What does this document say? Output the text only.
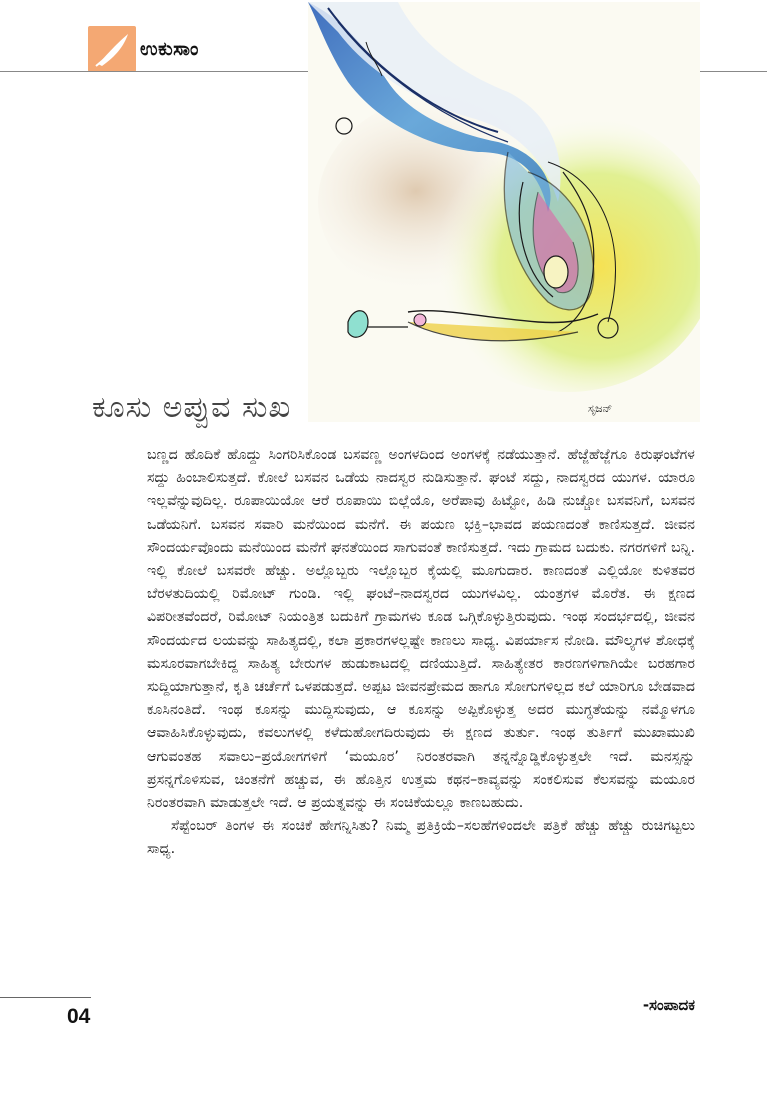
ಉಕುಸಾಂ
ಸೃಜನ್
ಕೂಸು ಅಪ್ಪುವ ಸುಖ

ಬಣ್ಣದ ಹೊದಿಕೆ ಹೊದ್ದು ಸಿಂಗರಿಸಿಕೊಂಡ ಬಸವಣ್ಣ ಅಂಗಳದಿಂದ ಅಂಗಳಕ್ಕೆ ನಡೆಯುತ್ತಾನೆ. ಹೆಜ್ಜೆಹೆಜ್ಜೆಗೂ ಕಿರುಘಂಟೆಗಳ ಸದ್ದು ಹಿಂಬಾಲಿಸುತ್ತದೆ. ಕೋಲೆ ಬಸವನ ಒಡೆಯ ನಾದಸ್ವರ ನುಡಿಸುತ್ತಾನೆ. ಘಂಟೆ ಸದ್ದು, ನಾದಸ್ವರದ ಯುಗಳ. ಯಾರೂ ಇಲ್ಲವೆನ್ನುವುದಿಲ್ಲ. ರೂಪಾಯಿಯೋ ಆರೆ ರೂಪಾಯಿ ಬಿಲ್ಲೆಯೊ, ಅರೆಪಾವು ಹಿಟ್ಟೋ, ಹಿಡಿ ನುಚ್ಚೋ ಬಸವನಿಗೆ, ಬಸವನ ಒಡೆಯನಿಗೆ. ಬಸವನ ಸವಾರಿ ಮನೆಯಿಂದ ಮನೆಗೆ. ಈ ಪಯಣ ಭಕ್ತಿ–ಭಾವದ ಪಯಣದಂತೆ ಕಾಣಿಸುತ್ತದೆ. ಜೀವನ ಸೌಂದರ್ಯವೊಂದು ಮನೆಯಿಂದ ಮನೆಗೆ ಘನತೆಯಿಂದ ಸಾಗುವಂತೆ ಕಾಣಿಸುತ್ತದೆ. ಇದು ಗ್ರಾಮದ ಬದುಕು. ನಗರಗಳಿಗೆ ಬನ್ನಿ. ಇಲ್ಲಿ ಕೋಲೆ ಬಸವರೇ ಹೆಚ್ಚು. ಅಲ್ಲೊಬ್ಬರು ಇಲ್ಲೊಬ್ಬರ ಕೈಯಲ್ಲಿ ಮೂಗುದಾರ. ಕಾಣದಂತೆ ಎಲ್ಲಿಯೋ ಕುಳಿತವರ ಬೆರಳತುದಿಯಲ್ಲಿ ರಿಮೋಟ್ ಗುಂಡಿ. ಇಲ್ಲಿ ಘಂಟೆ–ನಾದಸ್ವರದ ಯುಗಳವಿಲ್ಲ. ಯಂತ್ರಗಳ ಮೊರೆತ. ಈ ಕ್ಷಣದ ವಿಪರೀತವೆಂದರೆ, ರಿಮೋಟ್ ನಿಯಂತ್ರಿತ ಬದುಕಿಗೆ ಗ್ರಾಮಗಳು ಕೂಡ ಒಗ್ಗಿಕೊಳ್ಳುತ್ತಿರುವುದು. ಇಂಥ ಸಂದರ್ಭದಲ್ಲಿ, ಜೀವನ ಸೌಂದರ್ಯದ ಲಯವನ್ನು ಸಾಹಿತ್ಯದಲ್ಲಿ, ಕಲಾ ಪ್ರಕಾರಗಳಲ್ಲಷ್ಟೇ ಕಾಣಲು ಸಾಧ್ಯ. ವಿಪರ್ಯಾಸ ನೋಡಿ. ಮೌಲ್ಯಗಳ ಶೋಧಕ್ಕೆ ಮಸೂರವಾಗಬೇಕಿದ್ದ ಸಾಹಿತ್ಯ ಬೇರುಗಳ ಹುಡುಕಾಟದಲ್ಲಿ ದಣಿಯುತ್ತಿದೆ. ಸಾಹಿತ್ಯೇತರ ಕಾರಣಗಳಿಗಾಗಿಯೇ ಬರಹಗಾರ ಸುದ್ದಿಯಾಗುತ್ತಾನೆ, ಕೃತಿ ಚರ್ಚೆಗೆ ಒಳಪಡುತ್ತದೆ. ಅಪ್ಪಟ ಜೀವನಪ್ರೇಮದ ಹಾಗೂ ಸೋಗುಗಳಿಲ್ಲದ ಕಲೆ ಯಾರಿಗೂ ಬೇಡವಾದ ಕೂಸಿನಂತಿದೆ. ಇಂಥ ಕೂಸನ್ನು ಮುದ್ದಿಸುವುದು, ಆ ಕೂಸನ್ನು ಅಪ್ಪಿಕೊಳ್ಳುತ್ತ ಅದರ ಮುಗ್ಧತೆಯನ್ನು ನಮ್ಮೊಳಗೂ ಆವಾಹಿಸಿಕೊಳ್ಳುವುದು, ಕವಲುಗಳಲ್ಲಿ ಕಳೆದುಹೋಗದಿರುವುದು ಈ ಕ್ಷಣದ ತುರ್ತು. ಇಂಥ ತುರ್ತಿಗೆ ಮುಖಾಮುಖಿ ಆಗುವಂತಹ ಸವಾಲು–ಪ್ರಯೋಗಗಳಿಗೆ ‘ಮಯೂರ’ ನಿರಂತರವಾಗಿ ತನ್ನನ್ನೊಡ್ಡಿಕೊಳ್ಳುತ್ತಲೇ ಇದೆ. ಮನಸ್ಸನ್ನು ಪ್ರಸನ್ನಗೊಳಿಸುವ, ಚಿಂತನೆಗೆ ಹಚ್ಚುವ, ಈ ಹೊತ್ತಿನ ಉತ್ತಮ ಕಥನ–ಕಾವ್ಯವನ್ನು ಸಂಕಲಿಸುವ ಕೆಲಸವನ್ನು ಮಯೂರ ನಿರಂತರವಾಗಿ ಮಾಡುತ್ತಲೇ ಇದೆ. ಆ ಪ್ರಯತ್ನವನ್ನು ಈ ಸಂಚಿಕೆಯಲ್ಲೂ ಕಾಣಬಹುದು.

ಸೆಪ್ಟೆಂಬರ್ ತಿಂಗಳ ಈ ಸಂಚಿಕೆ ಹೇಗನ್ನಿಸಿತು? ನಿಮ್ಮ ಪ್ರತಿಕ್ರಿಯೆ–ಸಲಹೆಗಳಿಂದಲೇ ಪತ್ರಿಕೆ ಹೆಚ್ಚು ಹೆಚ್ಚು ರುಚಿಗಟ್ಟಲು ಸಾಧ್ಯ.

-ಸಂಪಾದಕ
04
